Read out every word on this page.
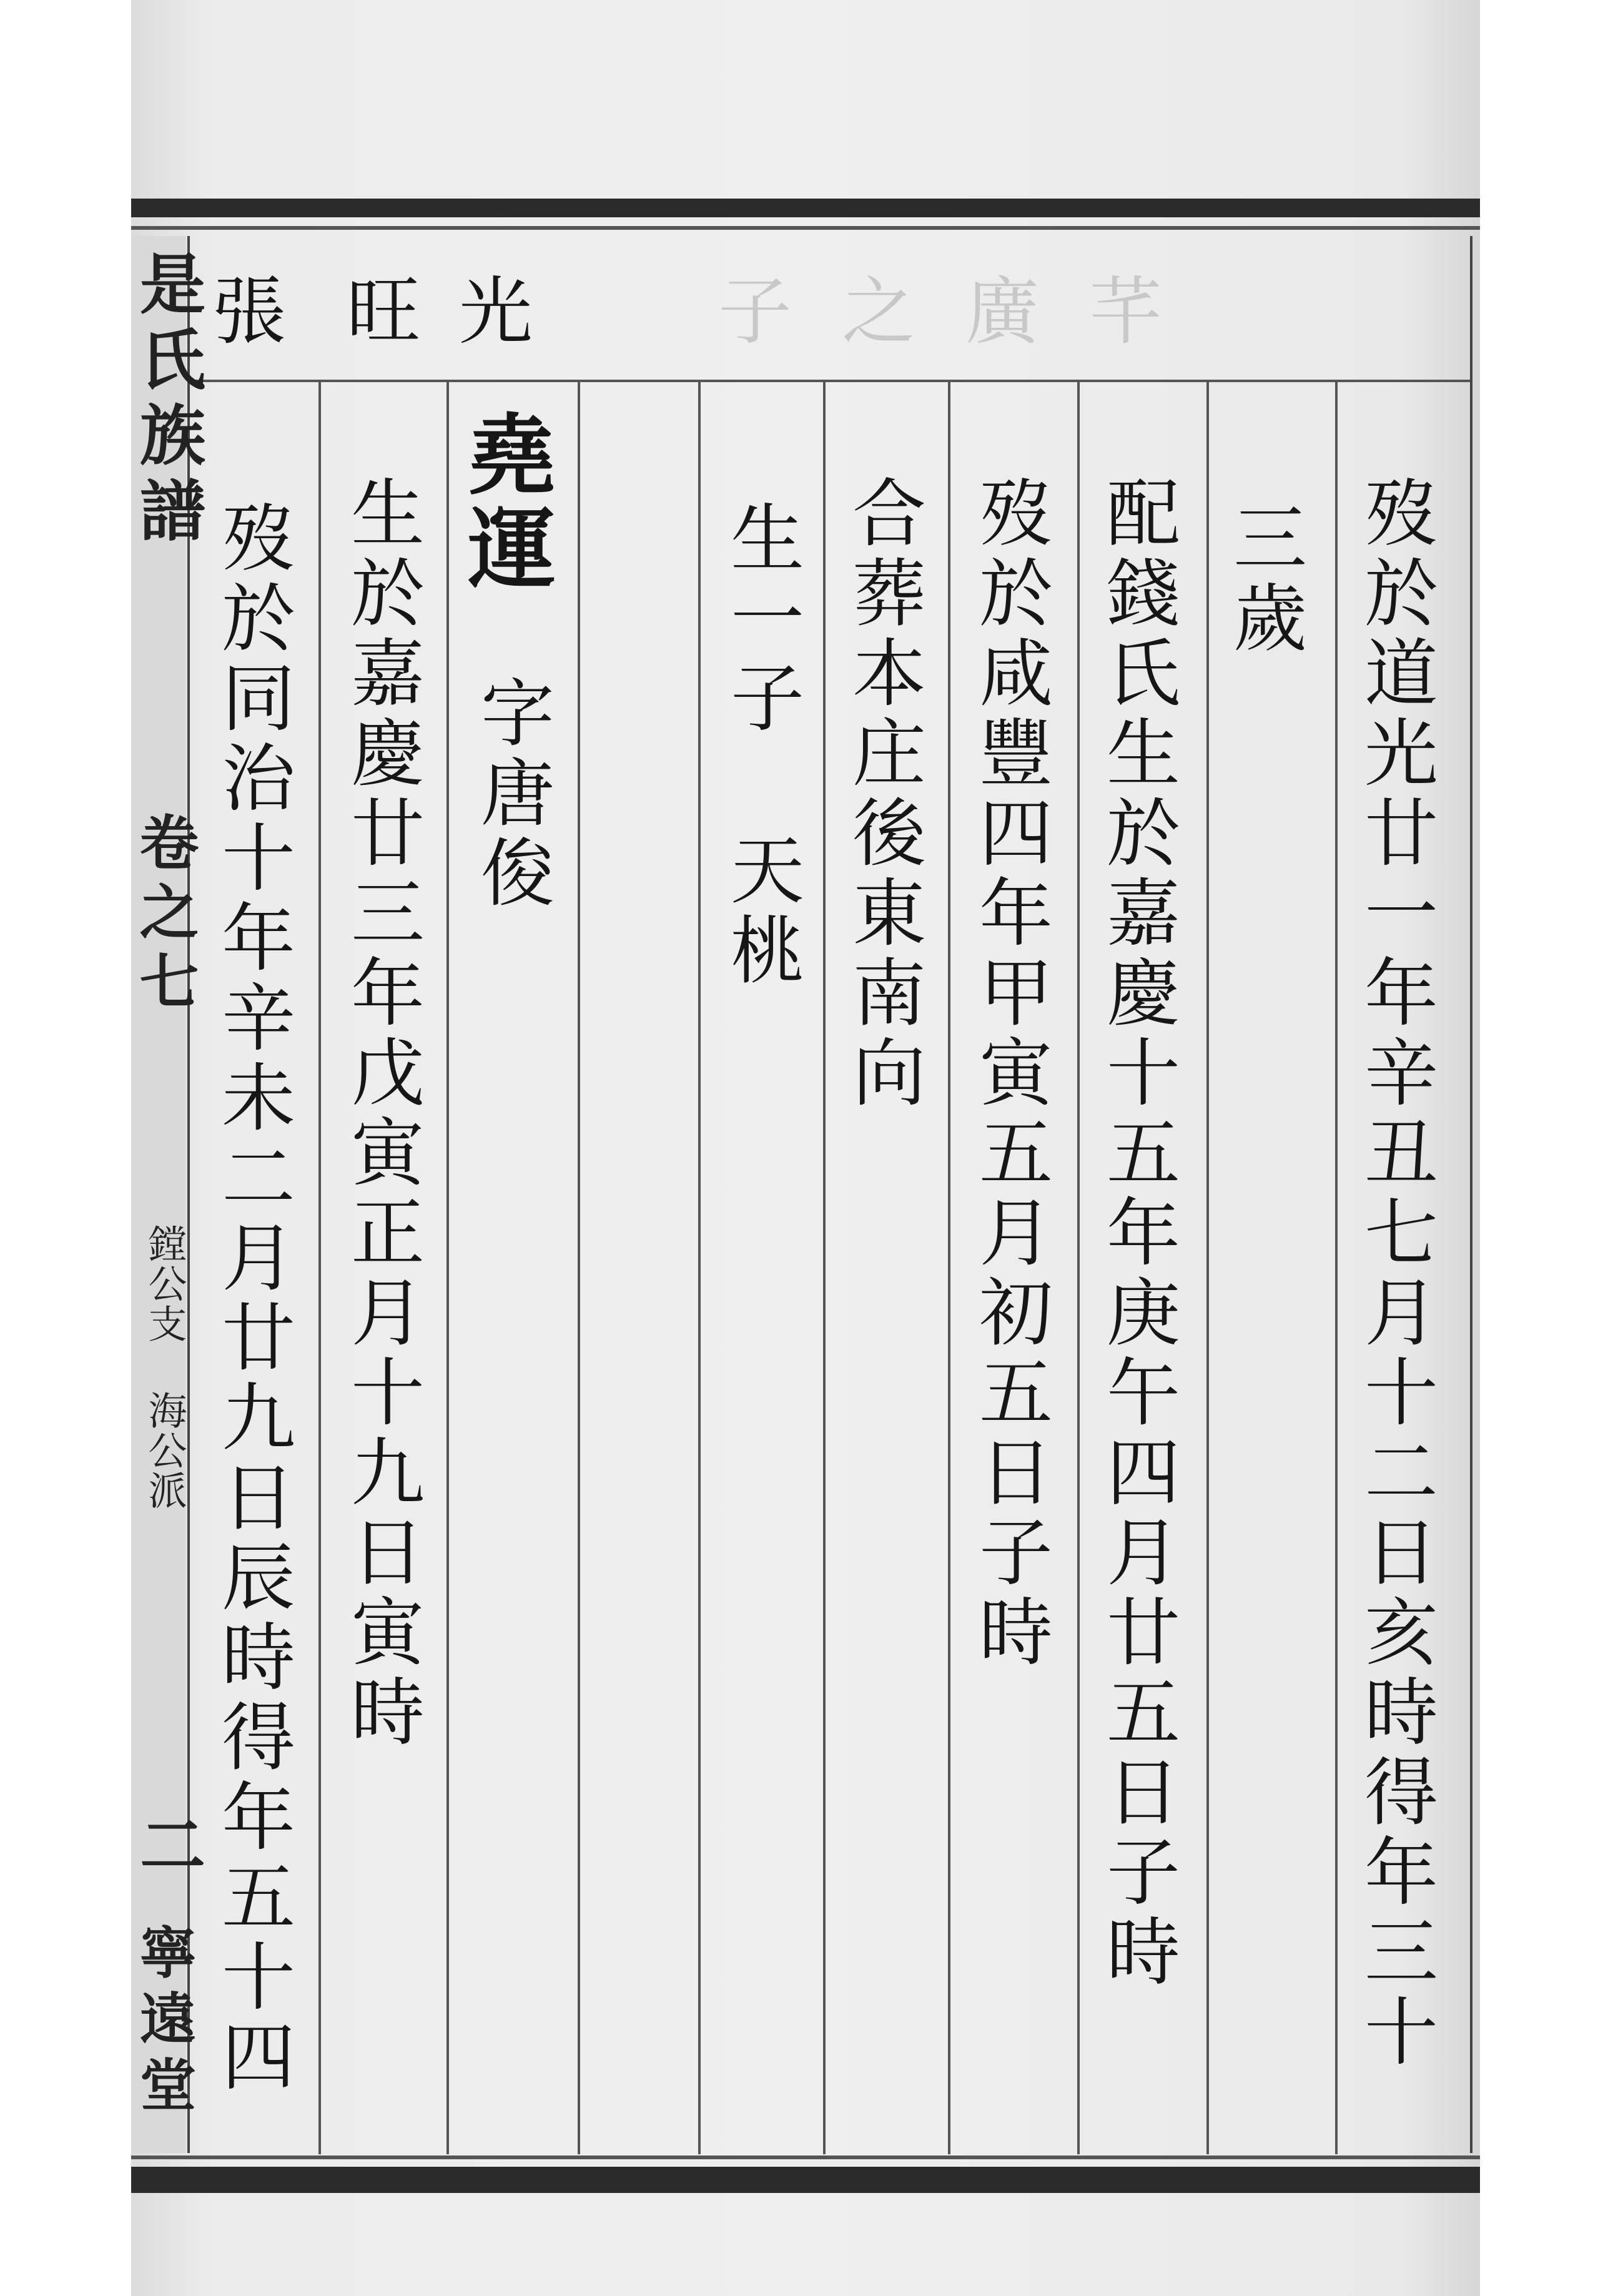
光
旺
張	子之廣芊
是氏族譜
卷之七
鏜公支 海公派
二
寧遠堂	歿於道光廿一年辛丑七月十二日亥時得年三十
三歲
配錢氏生於嘉慶十五年庚午四月廿五日子時
歿於咸豐四年甲寅五月初五日子時
合葬本庄後東南向
生一子 天桃
堯運
字唐俊
生於嘉慶廿三年戊寅正月十九日寅時
歿於同治十年辛未二月廿九日辰時得年五十四
